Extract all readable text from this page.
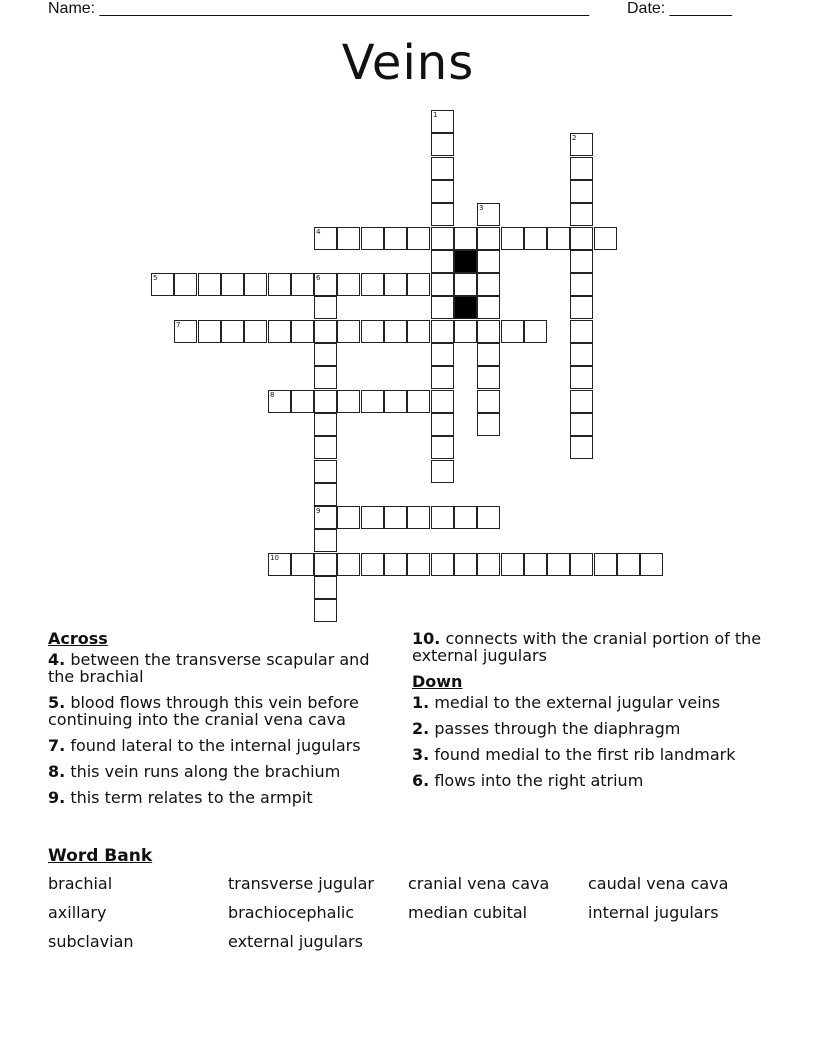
Name: _______________________________________________________ Date: _______
Veins
1
2
3
4
5	6
9
7
8
10
Across
4. between the transverse scapular and the brachial
5. blood flows through this vein before continuing into the cranial vena cava
7. found lateral to the internal jugulars
8. this vein runs along the brachium
9. this term relates to the armpit
10. connects with the cranial portion of the external jugulars
Down
1. medial to the external jugular veins
2. passes through the diaphragm
3. found medial to the first rib landmark
6. flows into the right atrium
Word Bank
brachial	transverse jugular	cranial vena cava	caudal vena cava
axillary	brachiocephalic	median cubital	internal jugulars
subclavian	external jugulars
